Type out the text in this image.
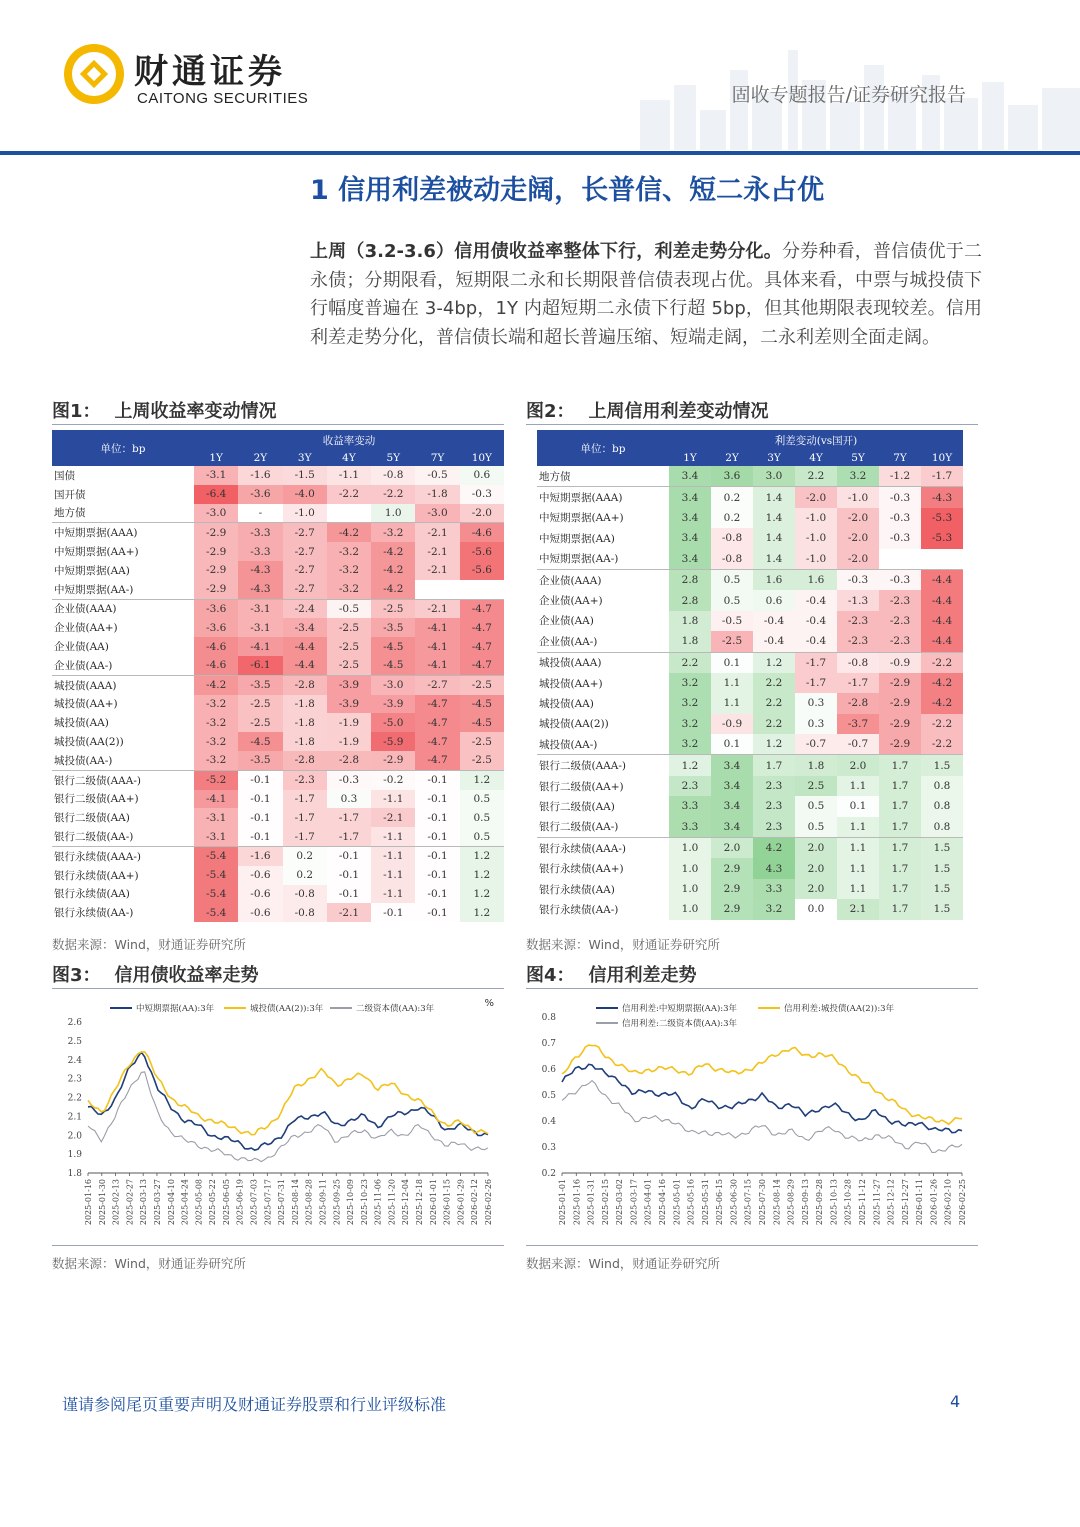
财通证券
CAITONG SECURITIES	固收专题报告/证券研究报告
1 信用利差被动走阔，长普信、短二永占优
上周（3.2-3.6）信用债收益率整体下行，利差走势分化。分券种看，普信债优于二永债；分期限看，短期限二永和长期限普信债表现占优。具体来看，中票与城投债下行幅度普遍在 3-4bp，1Y 内超短期二永债下行超 5bp，但其他期限表现较差。信用利差走势分化，普信债长端和超长普遍压缩、短端走阔，二永利差则全面走阔。
图1： 上周收益率变动情况
单位：bp	收益率变动						
	1Y	2Y	3Y	4Y	5Y	7Y	10Y
国债	-3.1	-1.6	-1.5	-1.1	-0.8	-0.5	0.6
国开债	-6.4	-3.6	-4.0	-2.2	-2.2	-1.8	-0.3
地方债	-3.0	-	-1.0		1.0	-3.0	-2.0
中短期票据(AAA)	-2.9	-3.3	-2.7	-4.2	-3.2	-2.1	-4.6
中短期票据(AA+)	-2.9	-3.3	-2.7	-3.2	-4.2	-2.1	-5.6
中短期票据(AA)	-2.9	-4.3	-2.7	-3.2	-4.2	-2.1	-5.6
中短期票据(AA-)	-2.9	-4.3	-2.7	-3.2	-4.2		
企业债(AAA)	-3.6	-3.1	-2.4	-0.5	-2.5	-2.1	-4.7
企业债(AA+)	-3.6	-3.1	-3.4	-2.5	-3.5	-4.1	-4.7
企业债(AA)	-4.6	-4.1	-4.4	-2.5	-4.5	-4.1	-4.7
企业债(AA-)	-4.6	-6.1	-4.4	-2.5	-4.5	-4.1	-4.7
城投债(AAA)	-4.2	-3.5	-2.8	-3.9	-3.0	-2.7	-2.5
城投债(AA+)	-3.2	-2.5	-1.8	-3.9	-3.9	-4.7	-4.5
城投债(AA)	-3.2	-2.5	-1.8	-1.9	-5.0	-4.7	-4.5
城投债(AA(2))	-3.2	-4.5	-1.8	-1.9	-5.9	-4.7	-2.5
城投债(AA-)	-3.2	-3.5	-2.8	-2.8	-2.9	-4.7	-2.5
银行二级债(AAA-)	-5.2	-0.1	-2.3	-0.3	-0.2	-0.1	1.2
银行二级债(AA+)	-4.1	-0.1	-1.7	0.3	-1.1	-0.1	0.5
银行二级债(AA)	-3.1	-0.1	-1.7	-1.7	-2.1	-0.1	0.5
银行二级债(AA-)	-3.1	-0.1	-1.7	-1.7	-1.1	-0.1	0.5
银行永续债(AAA-)	-5.4	-1.6	0.2	-0.1	-1.1	-0.1	1.2
银行永续债(AA+)	-5.4	-0.6	0.2	-0.1	-1.1	-0.1	1.2
银行永续债(AA)	-5.4	-0.6	-0.8	-0.1	-1.1	-0.1	1.2
银行永续债(AA-)	-5.4	-0.6	-0.8	-2.1	-0.1	-0.1	1.2
数据来源：Wind，财通证券研究所
图2： 上周信用利差变动情况
单位：bp	利差变动(vs国开)						
	1Y	2Y	3Y	4Y	5Y	7Y	10Y
地方债	3.4	3.6	3.0	2.2	3.2	-1.2	-1.7
中短期票据(AAA)	3.4	0.2	1.4	-2.0	-1.0	-0.3	-4.3
中短期票据(AA+)	3.4	0.2	1.4	-1.0	-2.0	-0.3	-5.3
中短期票据(AA)	3.4	-0.8	1.4	-1.0	-2.0	-0.3	-5.3
中短期票据(AA-)	3.4	-0.8	1.4	-1.0	-2.0		
企业债(AAA)	2.8	0.5	1.6	1.6	-0.3	-0.3	-4.4
企业债(AA+)	2.8	0.5	0.6	-0.4	-1.3	-2.3	-4.4
企业债(AA)	1.8	-0.5	-0.4	-0.4	-2.3	-2.3	-4.4
企业债(AA-)	1.8	-2.5	-0.4	-0.4	-2.3	-2.3	-4.4
城投债(AAA)	2.2	0.1	1.2	-1.7	-0.8	-0.9	-2.2
城投债(AA+)	3.2	1.1	2.2	-1.7	-1.7	-2.9	-4.2
城投债(AA)	3.2	1.1	2.2	0.3	-2.8	-2.9	-4.2
城投债(AA(2))	3.2	-0.9	2.2	0.3	-3.7	-2.9	-2.2
城投债(AA-)	3.2	0.1	1.2	-0.7	-0.7	-2.9	-2.2
银行二级债(AAA-)	1.2	3.4	1.7	1.8	2.0	1.7	1.5
银行二级债(AA+)	2.3	3.4	2.3	2.5	1.1	1.7	0.8
银行二级债(AA)	3.3	3.4	2.3	0.5	0.1	1.7	0.8
银行二级债(AA-)	3.3	3.4	2.3	0.5	1.1	1.7	0.8
银行永续债(AAA-)	1.0	2.0	4.2	2.0	1.1	1.7	1.5
银行永续债(AA+)	1.0	2.9	4.3	2.0	1.1	1.7	1.5
银行永续债(AA)	1.0	2.9	3.3	2.0	1.1	1.7	1.5
银行永续债(AA-)	1.0	2.9	3.2	0.0	2.1	1.7	1.5
数据来源：Wind，财通证券研究所
图3： 信用债收益率走势
2.6
2.5
2.4
2.3
2.2
2.1
2.0
1.9
1.8
2025-01-16 2025-01-30 2025-02-13 2025-02-27 2025-03-13 2025-03-27 2025-04-10 2025-04-24 2025-05-08 2025-05-22 2025-06-05 2025-06-19 2025-07-03 2025-07-17 2025-07-31 2025-08-14 2025-08-28 2025-09-11 2025-09-25 2025-10-09 2025-10-23 2025-11-06 2025-11-20 2025-12-04 2025-12-18 2026-01-01 2026-01-15 2026-01-29 2026-02-12 2026-02-26
中短期票据(AA):3年	城投债(AA(2)):3年	二级资本债(AA):3年	%
数据来源：Wind，财通证券研究所
图4： 信用利差走势
0.8
0.7
0.6
0.5
0.4
0.3
0.2
2025-01-01 2025-01-16 2025-01-31 2025-02-15 2025-03-02 2025-03-17 2025-04-01 2025-04-16 2025-05-01 2025-05-16 2025-05-31 2025-06-15 2025-06-30 2025-07-15 2025-07-30 2025-08-14 2025-08-29 2025-09-13 2025-09-28 2025-10-13 2025-10-28 2025-11-12 2025-11-27 2025-12-12 2025-12-27 2026-01-11 2026-01-26 2026-02-10 2026-02-25
信用利差:中短期票据(AA):3年	信用利差:城投债(AA(2)):3年
信用利差:二级资本债(AA):3年
数据来源：Wind，财通证券研究所
谨请参阅尾页重要声明及财通证券股票和行业评级标准	4
